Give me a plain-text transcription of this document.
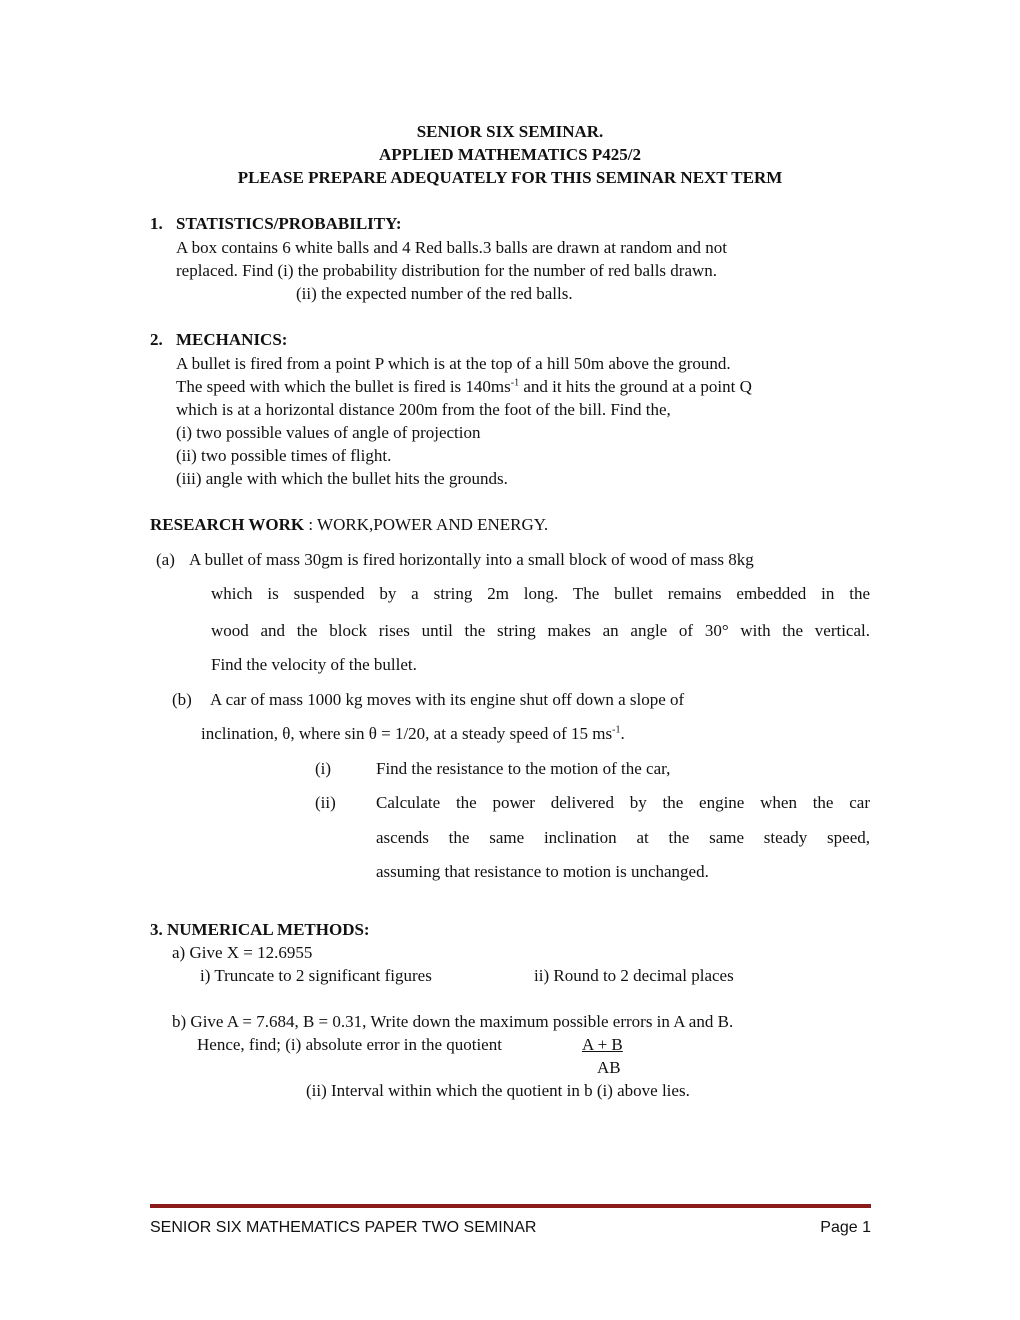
SENIOR SIX SEMINAR.
APPLIED MATHEMATICS P425/2
PLEASE PREPARE ADEQUATELY FOR THIS SEMINAR NEXT TERM
1. STATISTICS/PROBABILITY:
A box contains 6 white balls and 4 Red balls.3 balls are drawn at random and not
replaced. Find (i) the probability distribution for the number of red balls drawn.
(ii) the expected number of the red balls.
2. MECHANICS:
A bullet is fired from a point P which is at the top of a hill 50m above the ground.
The speed with which the bullet is fired is $140ms^{-1}$ and it hits the ground at a point Q
which is at a horizontal distance 200m from the foot of the bill. Find the,
(i) two possible values of angle of projection
(ii) two possible times of flight.
(iii) angle with which the bullet hits the grounds.
RESEARCH WORK : WORK,POWER AND ENERGY.
(a) A bullet of mass 30gm is fired horizontally into a small block of wood of mass 8kg
which is suspended by a string 2m long. The bullet remains embedded in the
wood and the block rises until the string makes an angle of 30° with the vertical.
Find the velocity of the bullet.
(b) A car of mass 1000 kg moves with its engine shut off down a slope of
inclination, θ, where sin θ = 1/20, at a steady speed of 15 $ms^{-1}$.
(i)	Find the resistance to the motion of the car,
(ii) Calculate the power delivered by the engine when the car
ascends the same inclination at the same steady speed,
assuming that resistance to motion is unchanged.
3. NUMERICAL METHODS:
a) Give X = 12.6955
i) Truncate to 2 significant figures	ii) Round to 2 decimal places
b) Give A = 7.684, B = 0.31, Write down the maximum possible errors in A and B.
Hence, find; (i) absolute error in the quotient	A + B
AB
(ii) Interval within which the quotient in b (i) above lies.
SENIOR SIX MATHEMATICS PAPER TWO SEMINAR	Page 1
